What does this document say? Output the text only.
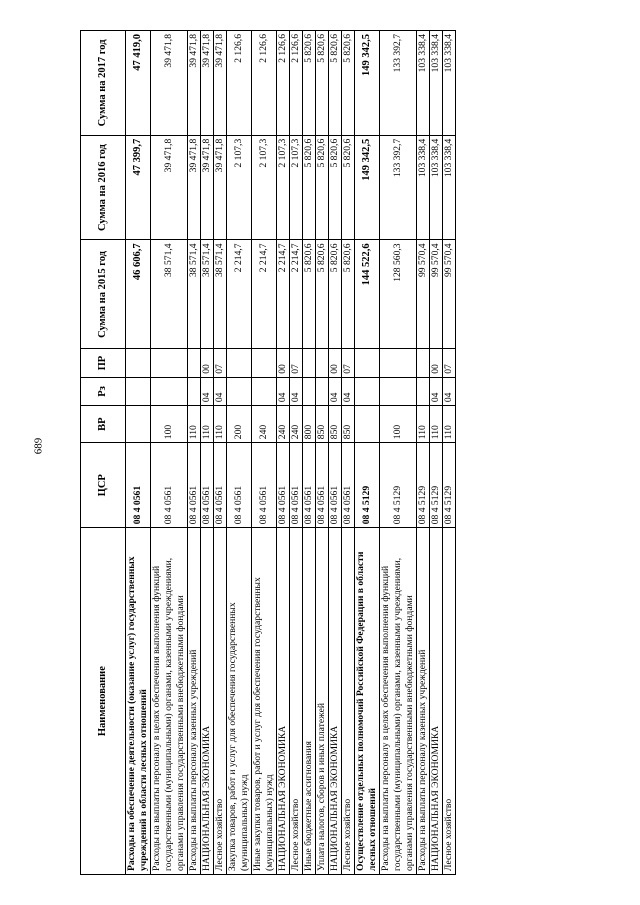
689
Наименование	ЦСР	ВР	Рз	ПР	Сумма на 2015 год	Сумма на 2016 год	Сумма на 2017 год
Расходы на обеспечение деятельности (оказание услуг) государственных учреждений в области лесных отношений	08 4 0561				46 606,7	47 399,7	47 419,0
Расходы на выплаты персоналу в целях обеспечения выполнения функций государственными (муниципальными) органами, казенными учреждениями, органами управления государственными внебюджетными фондами	08 4 0561	100			38 571,4	39 471,8	39 471,8
Расходы на выплаты персоналу казенных учреждений	08 4 0561	110			38 571,4	39 471,8	39 471,8
НАЦИОНАЛЬНАЯ ЭКОНОМИКА	08 4 0561	110	04	00	38 571,4	39 471,8	39 471,8
Лесное хозяйство	08 4 0561	110	04	07	38 571,4	39 471,8	39 471,8
Закупка товаров, работ и услуг для обеспечения государственных (муниципальных) нужд	08 4 0561	200			2 214,7	2 107,3	2 126,6
Иные закупки товаров, работ и услуг для обеспечения государственных (муниципальных) нужд	08 4 0561	240			2 214,7	2 107,3	2 126,6
НАЦИОНАЛЬНАЯ ЭКОНОМИКА	08 4 0561	240	04	00	2 214,7	2 107,3	2 126,6
Лесное хозяйство	08 4 0561	240	04	07	2 214,7	2 107,3	2 126,6
Иные бюджетные ассигнования	08 4 0561	800			5 820,6	5 820,6	5 820,6
Уплата налогов, сборов и иных платежей	08 4 0561	850			5 820,6	5 820,6	5 820,6
НАЦИОНАЛЬНАЯ ЭКОНОМИКА	08 4 0561	850	04	00	5 820,6	5 820,6	5 820,6
Лесное хозяйство	08 4 0561	850	04	07	5 820,6	5 820,6	5 820,6
Осуществление отдельных полномочий Российской Федерации в области лесных отношений	08 4 5129				144 522,6	149 342,5	149 342,5
Расходы на выплаты персоналу в целях обеспечения выполнения функций государственными (муниципальными) органами, казенными учреждениями, органами управления государственными внебюджетными фондами	08 4 5129	100			128 560,3	133 392,7	133 392,7
Расходы на выплаты персоналу казенных учреждений	08 4 5129	110			99 570,4	103 338,4	103 338,4
НАЦИОНАЛЬНАЯ ЭКОНОМИКА	08 4 5129	110	04	00	99 570,4	103 338,4	103 338,4
Лесное хозяйство	08 4 5129	110	04	07	99 570,4	103 338,4	103 338,4
